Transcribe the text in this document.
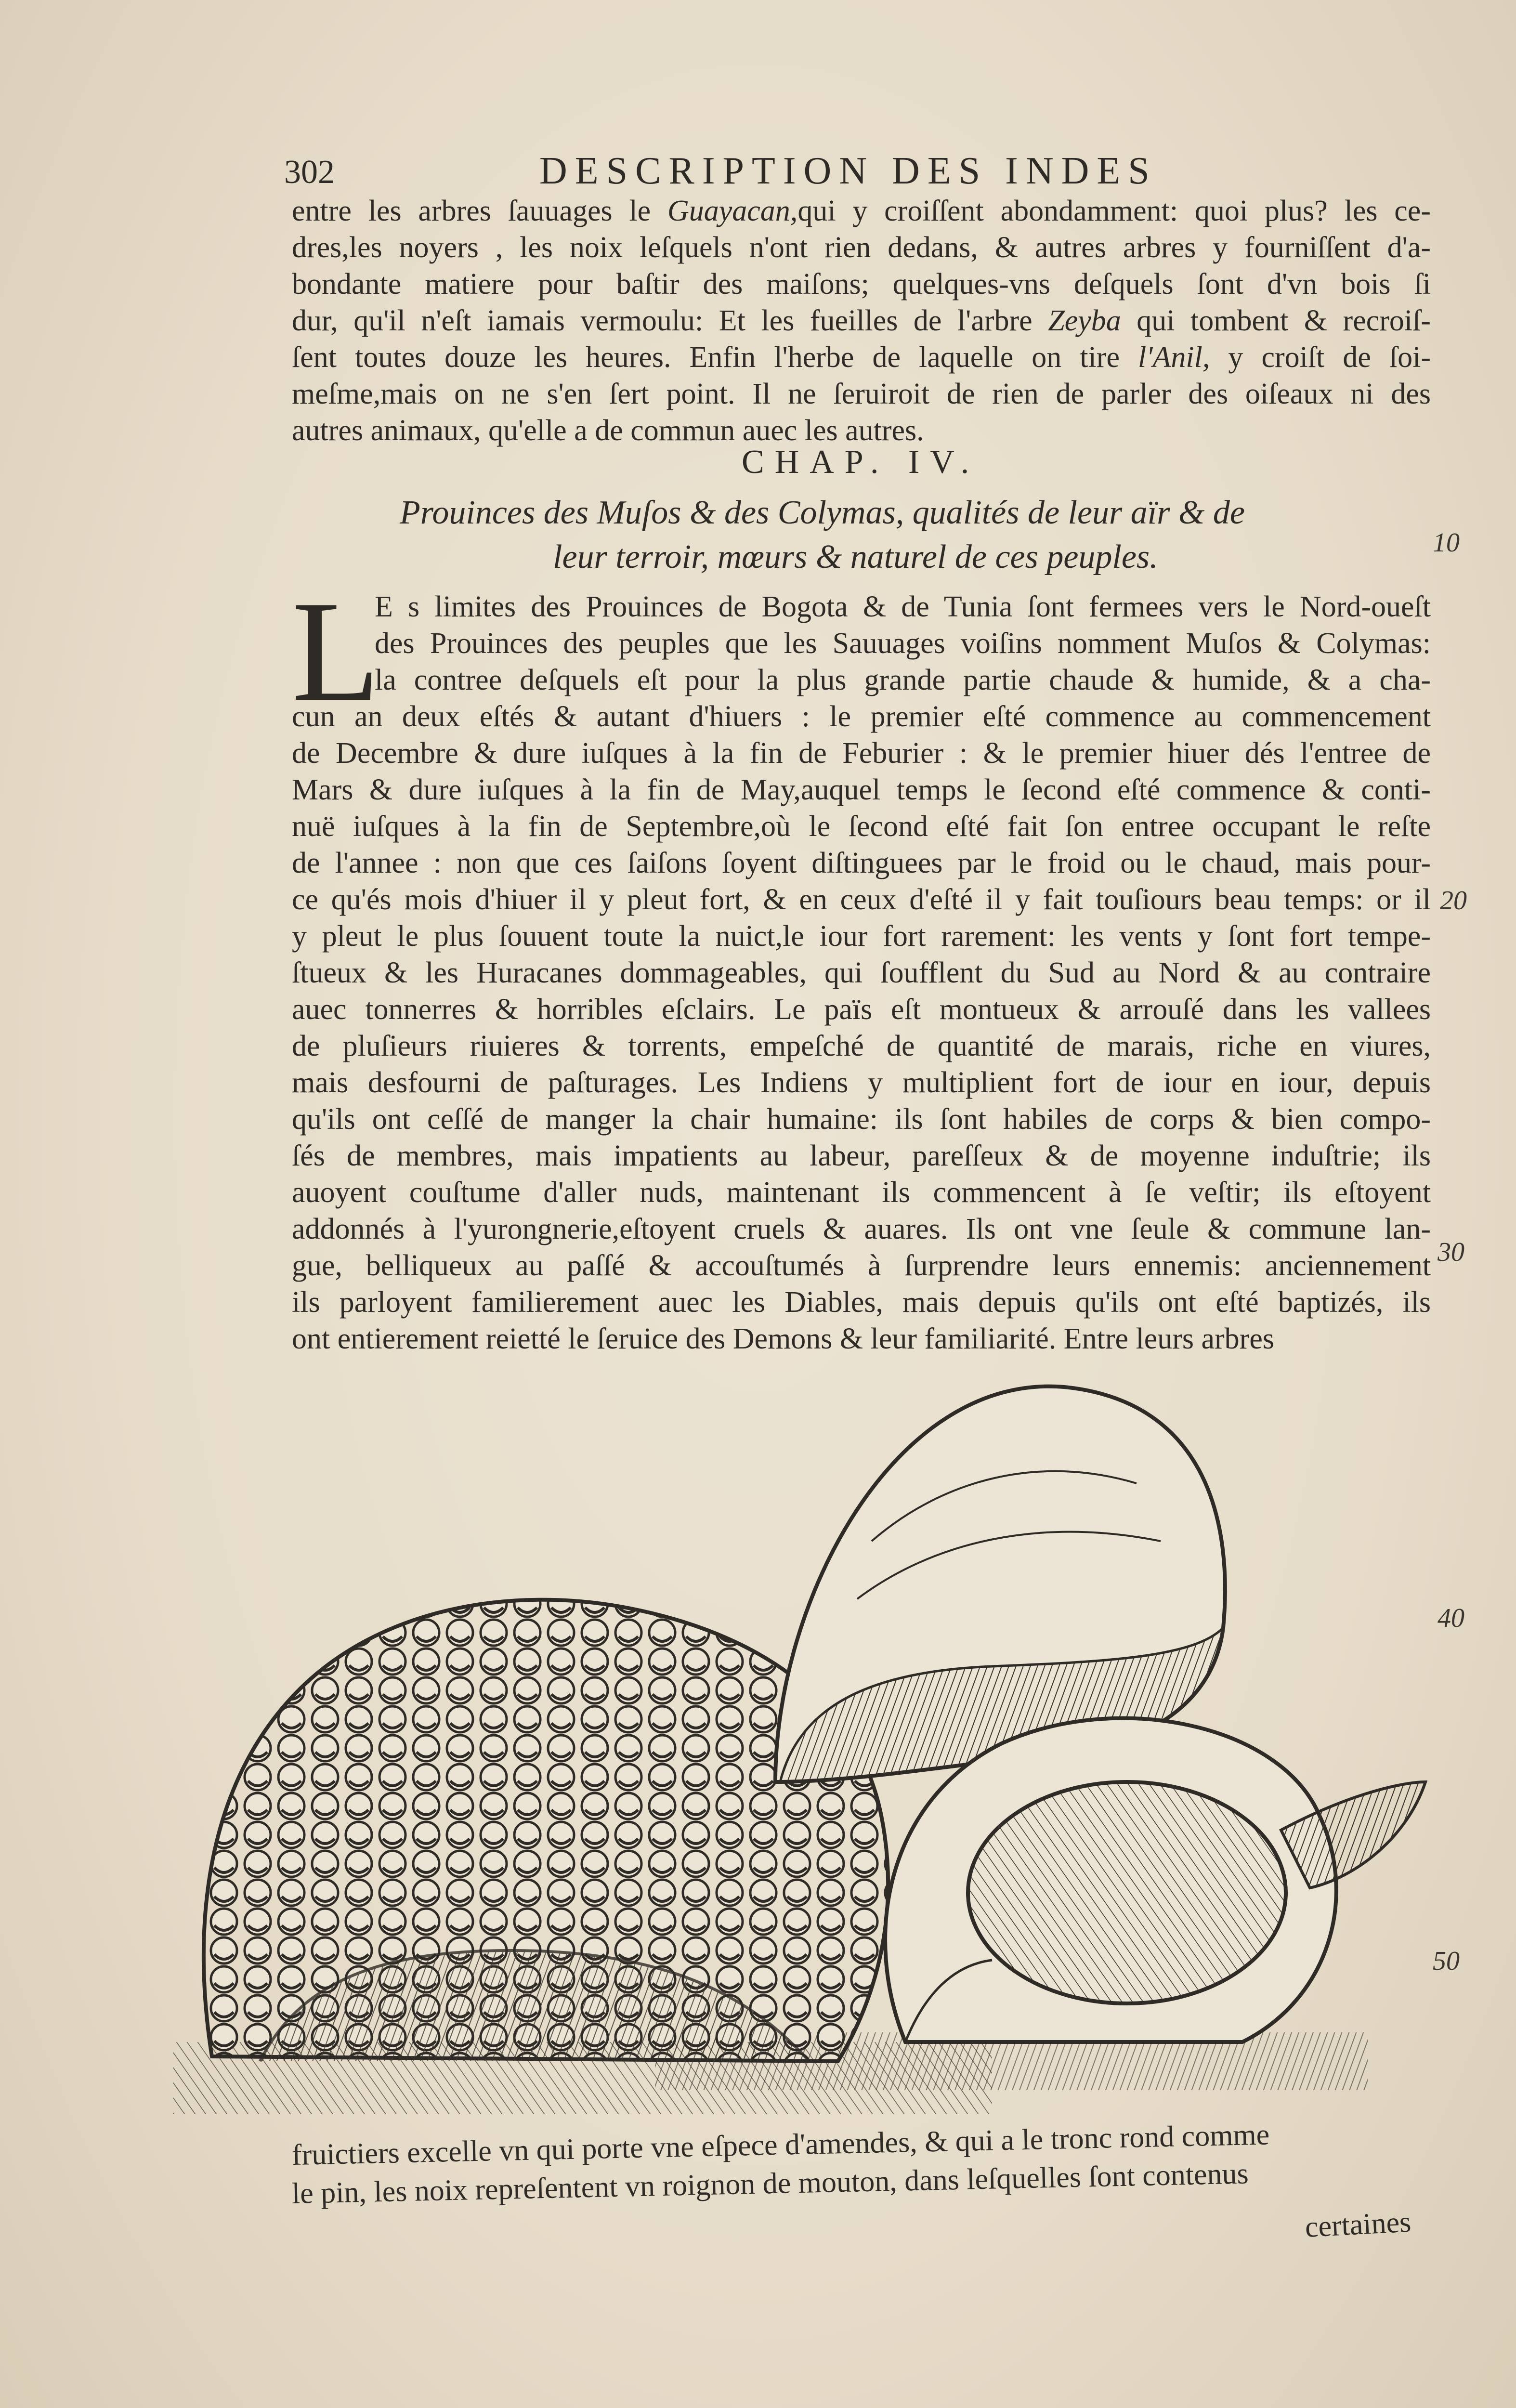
302	DESCRIPTION DES INDES
entre les arbres ſauuages le Guayacan,qui y croiſſent abondamment: quoi plus? les ce-
dres,les noyers , les noix leſquels n'ont rien dedans, & autres arbres y fourniſſent d'a-
bondante matiere pour baſtir des maiſons; quelques-vns deſquels ſont d'vn bois ſi
dur, qu'il n'eſt iamais vermoulu: Et les fueilles de l'arbre Zeyba qui tombent & recroiſ-
ſent toutes douze les heures. Enfin l'herbe de laquelle on tire l'Anil, y croiſt de ſoi-
meſme,mais on ne s'en ſert point. Il ne ſeruiroit de rien de parler des oiſeaux ni des
autres animaux, qu'elle a de commun auec les autres.
CHAP. IV.
Prouinces des Muſos & des Colymas, qualités de leur aïr & de
leur terroir, mœurs & naturel de ces peuples.
L
E s limites des Prouinces de Bogota & de Tunia ſont fermees vers le Nord-oueſt
des Prouinces des peuples que les Sauuages voiſins nomment Muſos & Colymas:
la contree deſquels eſt pour la plus grande partie chaude & humide, & a cha-
cun an deux eſtés & autant d'hiuers : le premier eſté commence au commencement
de Decembre & dure iuſques à la fin de Feburier : & le premier hiuer dés l'entree de
Mars & dure iuſques à la fin de May,auquel temps le ſecond eſté commence & conti-
nuë iuſques à la fin de Septembre,où le ſecond eſté fait ſon entree occupant le reſte
de l'annee : non que ces ſaiſons ſoyent diſtinguees par le froid ou le chaud, mais pour-
ce qu'és mois d'hiuer il y pleut fort, & en ceux d'eſté il y fait touſiours beau temps: or il
y pleut le plus ſouuent toute la nuict,le iour fort rarement: les vents y ſont fort tempe-
ſtueux & les Huracanes dommageables, qui ſoufflent du Sud au Nord & au contraire
auec tonnerres & horribles eſclairs. Le païs eſt montueux & arrouſé dans les vallees
de pluſieurs riuieres & torrents, empeſché de quantité de marais, riche en viures,
mais desfourni de paſturages. Les Indiens y multiplient fort de iour en iour, depuis
qu'ils ont ceſſé de manger la chair humaine: ils ſont habiles de corps & bien compo-
ſés de membres, mais impatients au labeur, pareſſeux & de moyenne induſtrie; ils
auoyent couſtume d'aller nuds, maintenant ils commencent à ſe veſtir; ils eſtoyent
addonnés à l'yurongnerie,eſtoyent cruels & auares. Ils ont vne ſeule & commune lan-
gue, belliqueux au paſſé & accouſtumés à ſurprendre leurs ennemis: anciennement
ils parloyent familierement auec les Diables, mais depuis qu'ils ont eſté baptizés, ils
ont entierement reietté le ſeruice des Demons & leur familiarité. Entre leurs arbres
10
20
30
40
50
fruictiers excelle vn qui porte vne eſpece d'amendes, & qui a le tronc rond comme
le pin, les noix repreſentent vn roignon de mouton, dans leſquelles ſont contenus
certaines
